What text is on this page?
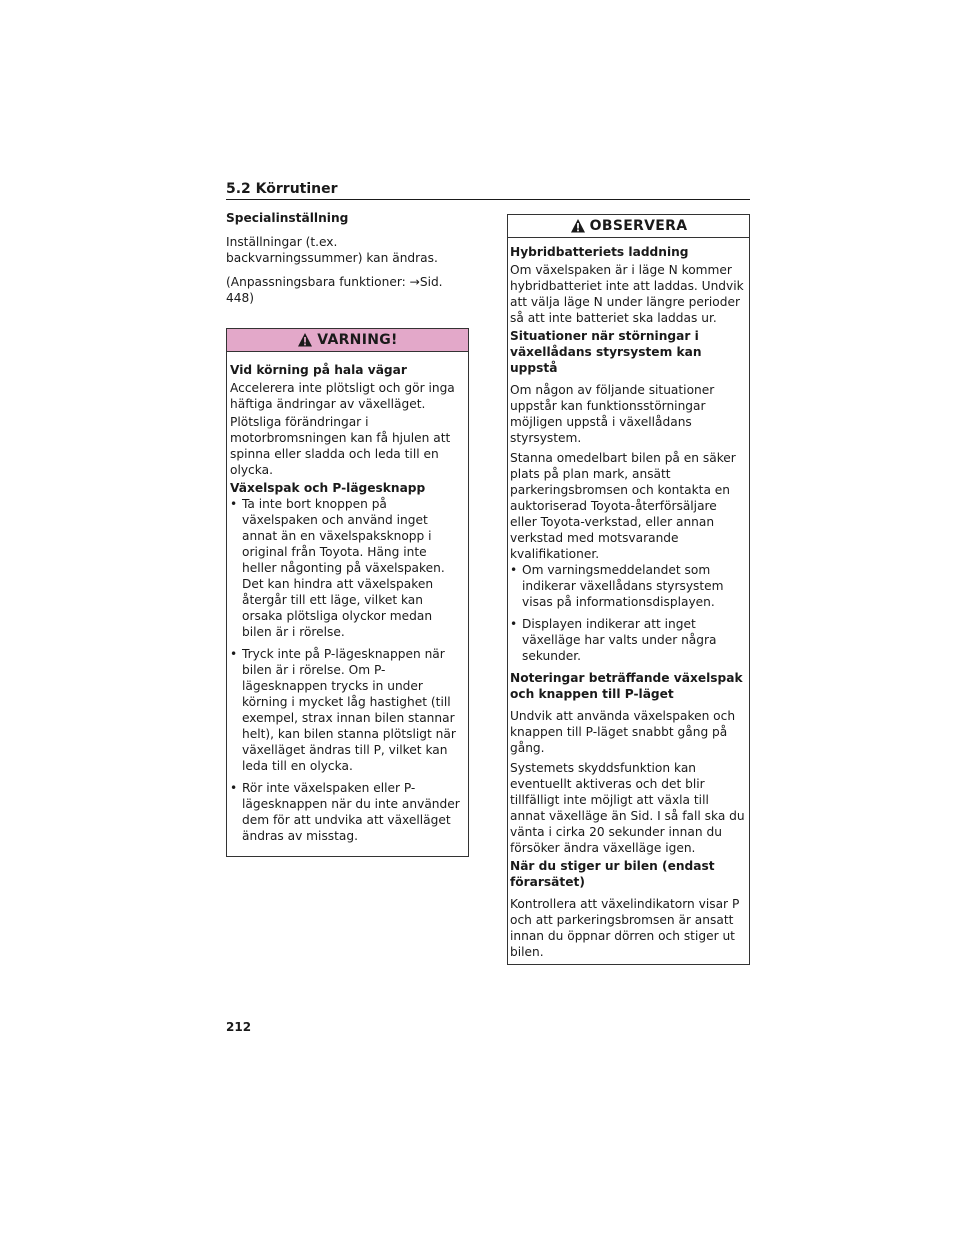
5.2 Körrutiner
Specialinställning

Inställningar (t.ex. backvarningssummer) kan ändras.

(Anpassningsbara funktioner: →Sid. 448)

VARNING!
Vid körning på hala vägar

Accelerera inte plötsligt och gör inga häftiga ändringar av växelläget.

Plötsliga förändringar i motorbromsningen kan få hjulen att spinna eller sladda och leda till en olycka.

Växelspak och P-lägesknapp
• Ta inte bort knoppen på växelspaken och använd inget annat än en växelspaksknopp i original från Toyota. Häng inte heller någonting på växelspaken. Det kan hindra att växelspaken återgår till ett läge, vilket kan orsaka plötsliga olyckor medan bilen är i rörelse.
• Tryck inte på P-lägesknappen när bilen är i rörelse. Om P-lägesknappen trycks in under körning i mycket låg hastighet (till exempel, strax innan bilen stannar helt), kan bilen stanna plötsligt när växelläget ändras till P, vilket kan leda till en olycka.
• Rör inte växelspaken eller P-lägesknappen när du inte använder dem för att undvika att växelläget ändras av misstag.
OBSERVERA
Hybridbatteriets laddning

Om växelspaken är i läge N kommer hybridbatteriet inte att laddas. Undvik att välja läge N under längre perioder så att inte batteriet ska laddas ur.

Situationer när störningar i växellådans styrsystem kan uppstå

Om någon av följande situationer uppstår kan funktionsstörningar möjligen uppstå i växellådans styrsystem.

Stanna omedelbart bilen på en säker plats på plan mark, ansätt parkeringsbromsen och kontakta en auktoriserad Toyota-återförsäljare eller Toyota-verkstad, eller annan verkstad med motsvarande kvalifikationer.

• Om varningsmeddelandet som indikerar växellådans styrsystem visas på informationsdisplayen.
• Displayen indikerar att inget växelläge har valts under några sekunder.
Noteringar beträffande växelspak och knappen till P-läget

Undvik att använda växelspaken och knappen till P-läget snabbt gång på gång.

Systemets skyddsfunktion kan eventuellt aktiveras och det blir tillfälligt inte möjligt att växla till annat växelläge än Sid. I så fall ska du vänta i cirka 20 sekunder innan du försöker ändra växelläge igen.

När du stiger ur bilen (endast förarsätet)

Kontrollera att växelindikatorn visar P och att parkeringsbromsen är ansatt innan du öppnar dörren och stiger ut bilen.

212
